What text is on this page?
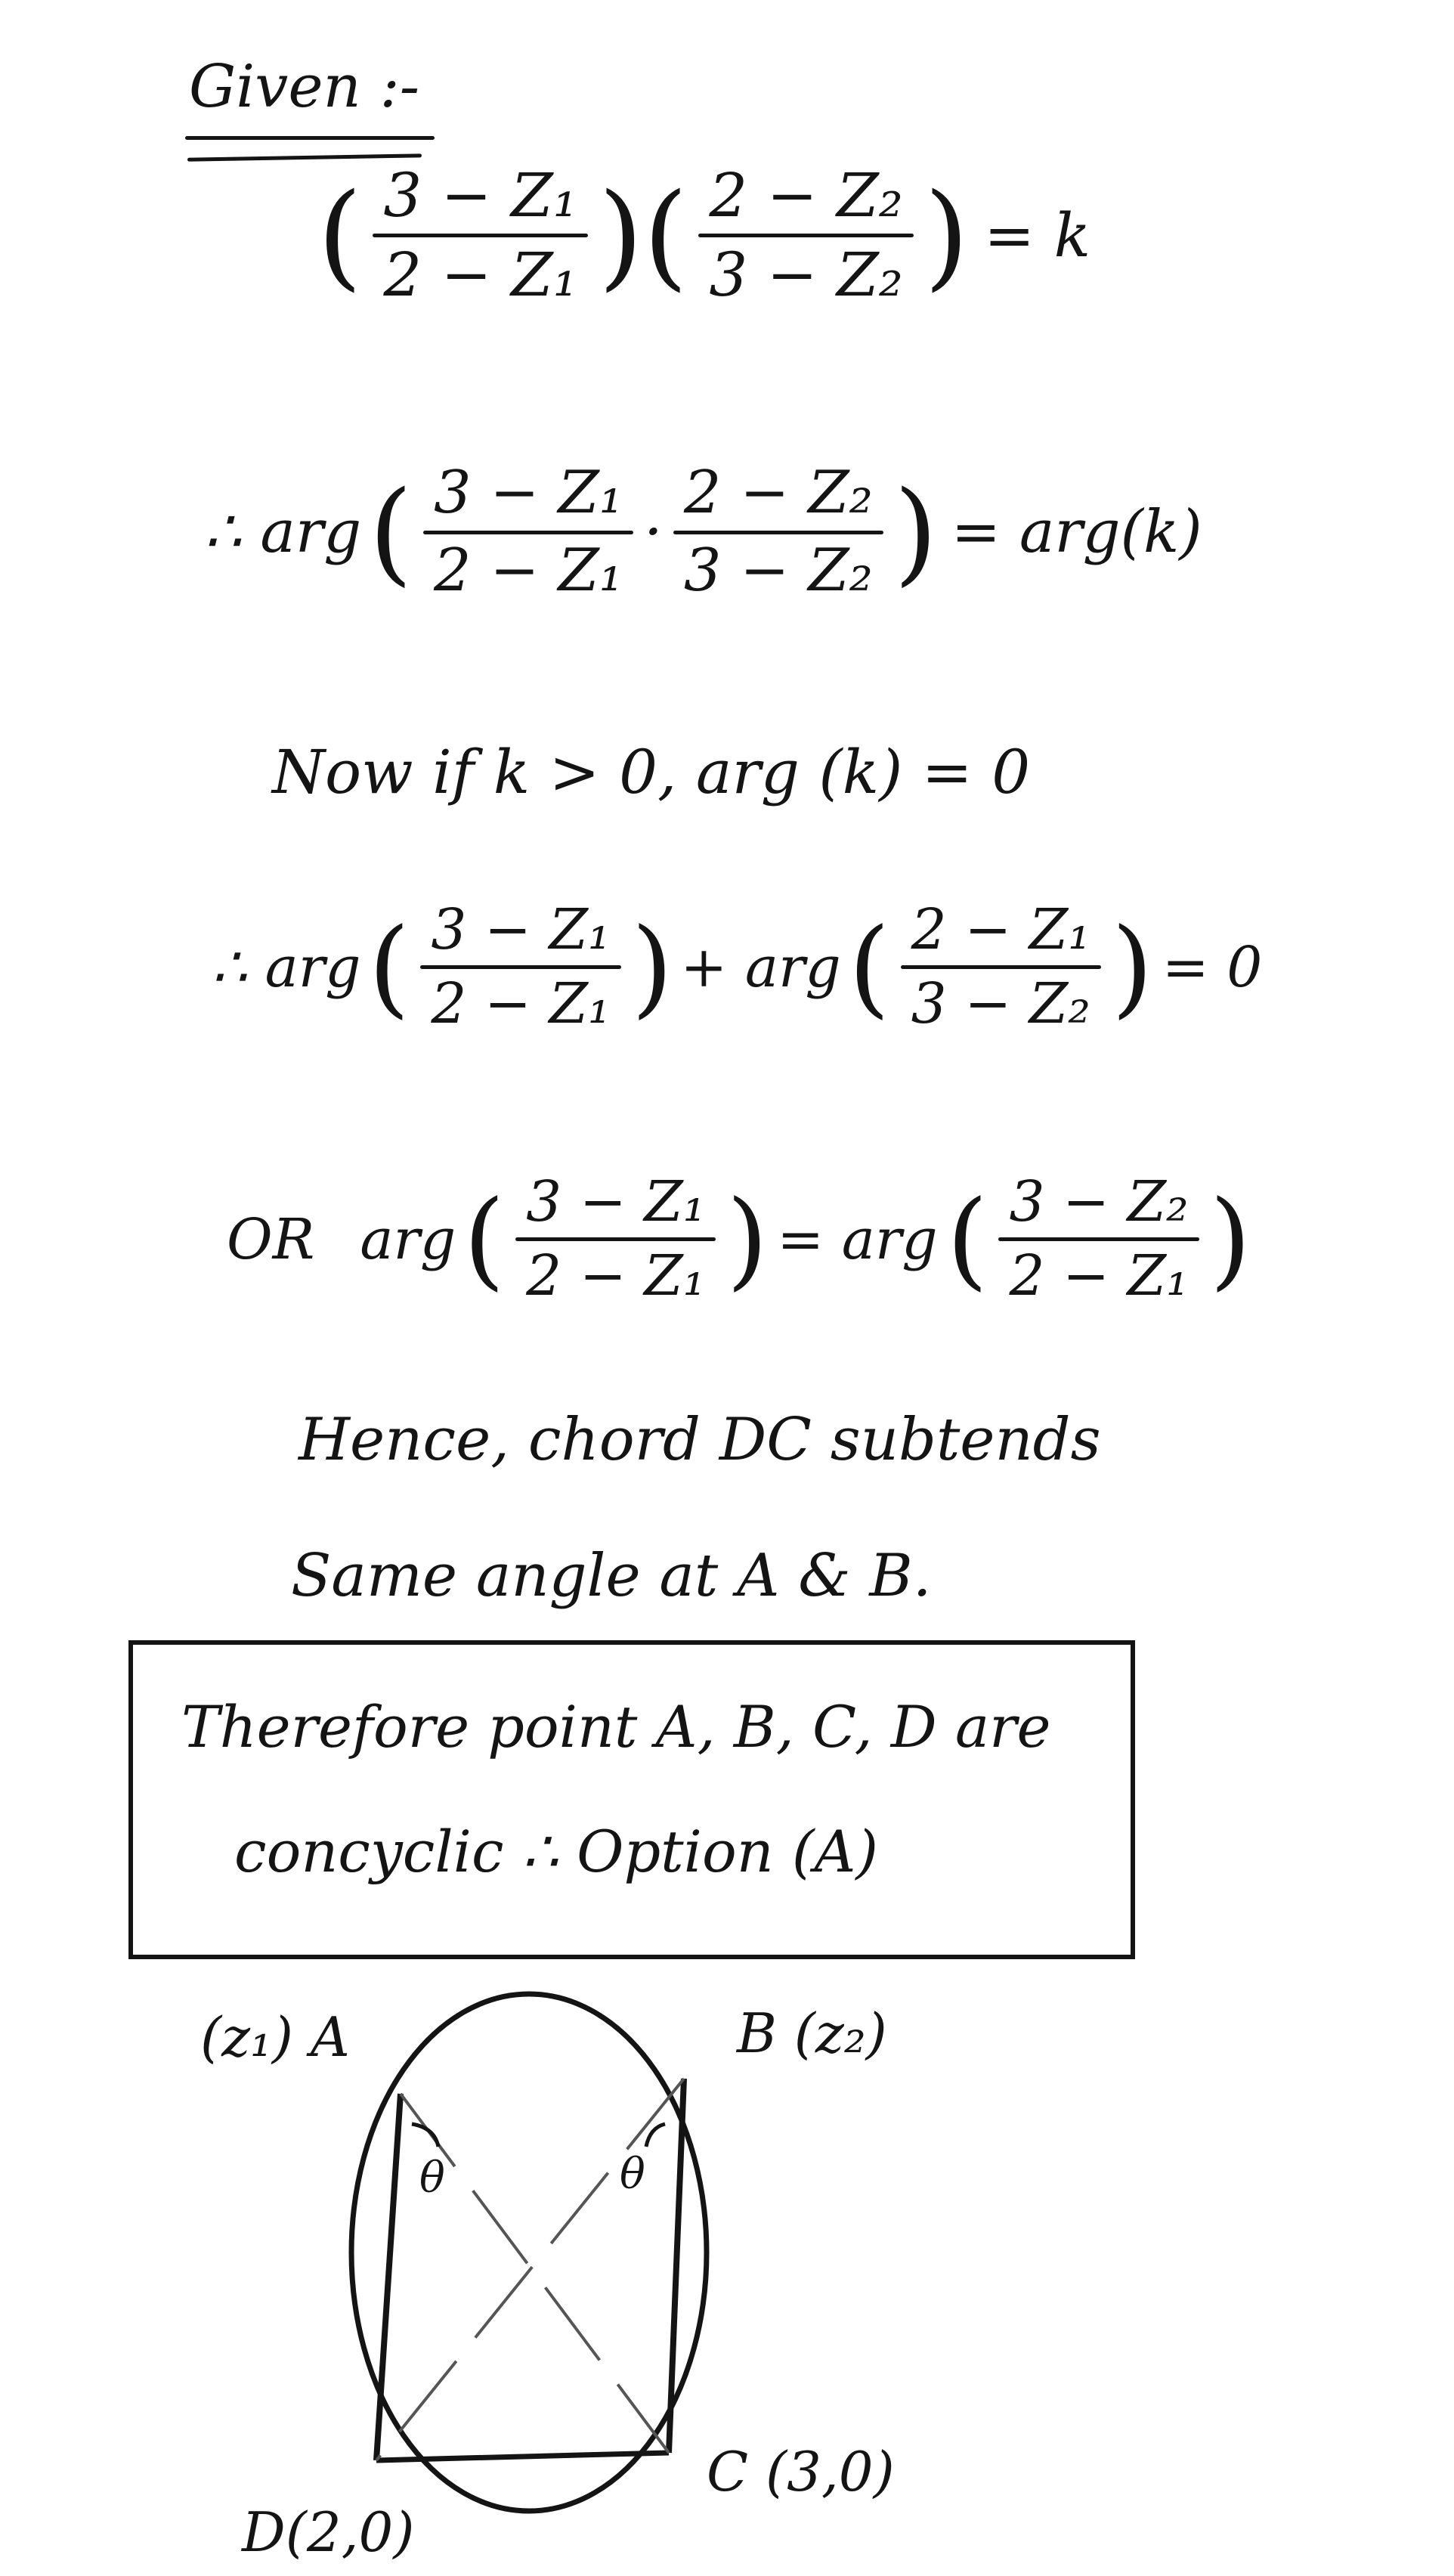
Given :-
( 3 − Z₁
2 − Z₁ ) ( 2 − Z₂
3 − Z₂ ) = k
∴ arg ( 3 − Z₁
2 − Z₁
·
2 − Z₂
3 − Z₂ ) = arg(k)
Now if k > 0, arg (k) = 0
∴ arg ( 3 − Z₁
2 − Z₁ ) + arg ( 2 − Z₁
3 − Z₂ ) = 0
OR arg ( 3 − Z₁
2 − Z₁ ) = arg ( 3 − Z₂
2 − Z₁ )
Hence, chord DC subtends
Same angle at A & B.
Therefore point A, B, C, D are
concyclic ∴ Option (A)
θ	θ
(z₁) A	B (z₂)
C (3,0)
D(2,0)
